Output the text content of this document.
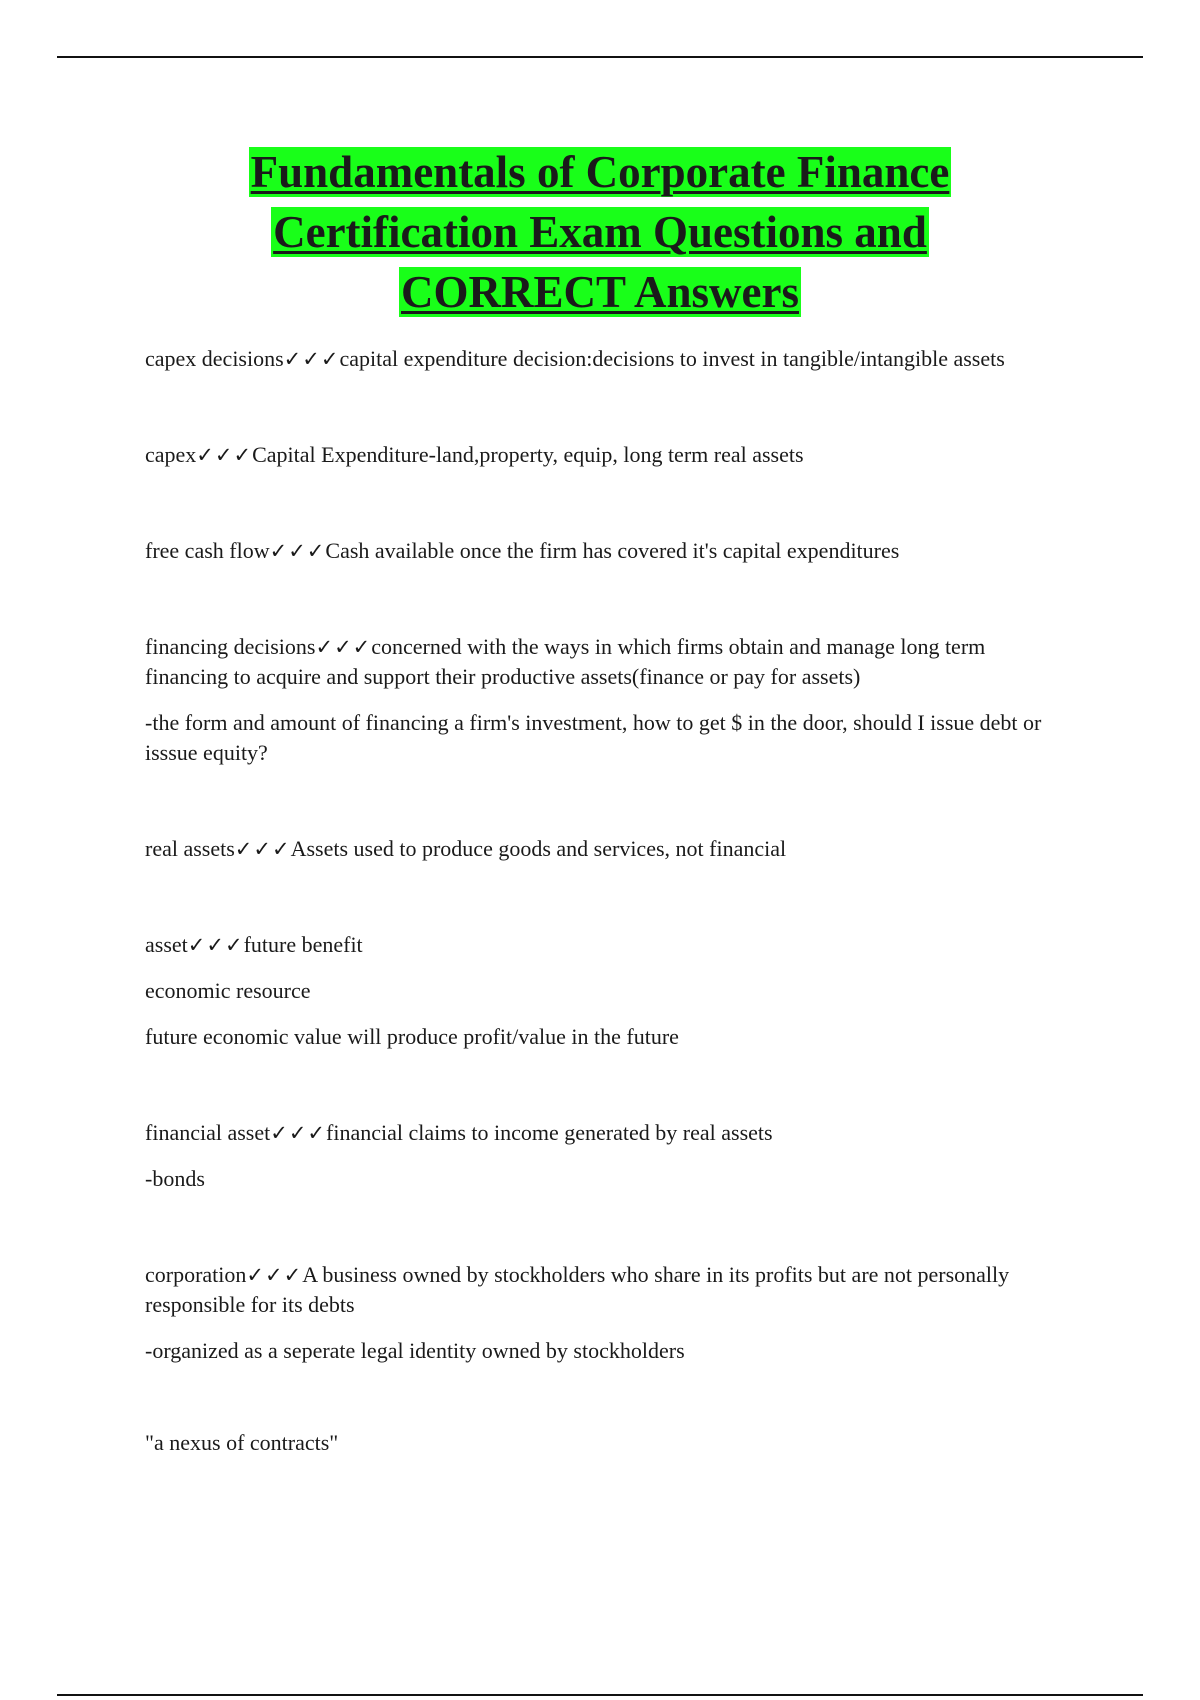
Fundamentals of Corporate Finance
Certification Exam Questions and
CORRECT Answers

capex decisions✓✓✓capital expenditure decision:decisions to invest in tangible/intangible assets

capex✓✓✓Capital Expenditure-land,property, equip, long term real assets

free cash flow✓✓✓Cash available once the firm has covered it's capital expenditures

financing decisions✓✓✓concerned with the ways in which firms obtain and manage long term financing to acquire and support their productive assets(finance or pay for assets)

-the form and amount of financing a firm's investment, how to get $ in the door, should I issue debt or isssue equity?

real assets✓✓✓Assets used to produce goods and services, not financial

asset✓✓✓future benefit

economic resource

future economic value will produce profit/value in the future

financial asset✓✓✓financial claims to income generated by real assets

-bonds

corporation✓✓✓A business owned by stockholders who share in its profits but are not personally responsible for its debts

-organized as a seperate legal identity owned by stockholders

"a nexus of contracts"
